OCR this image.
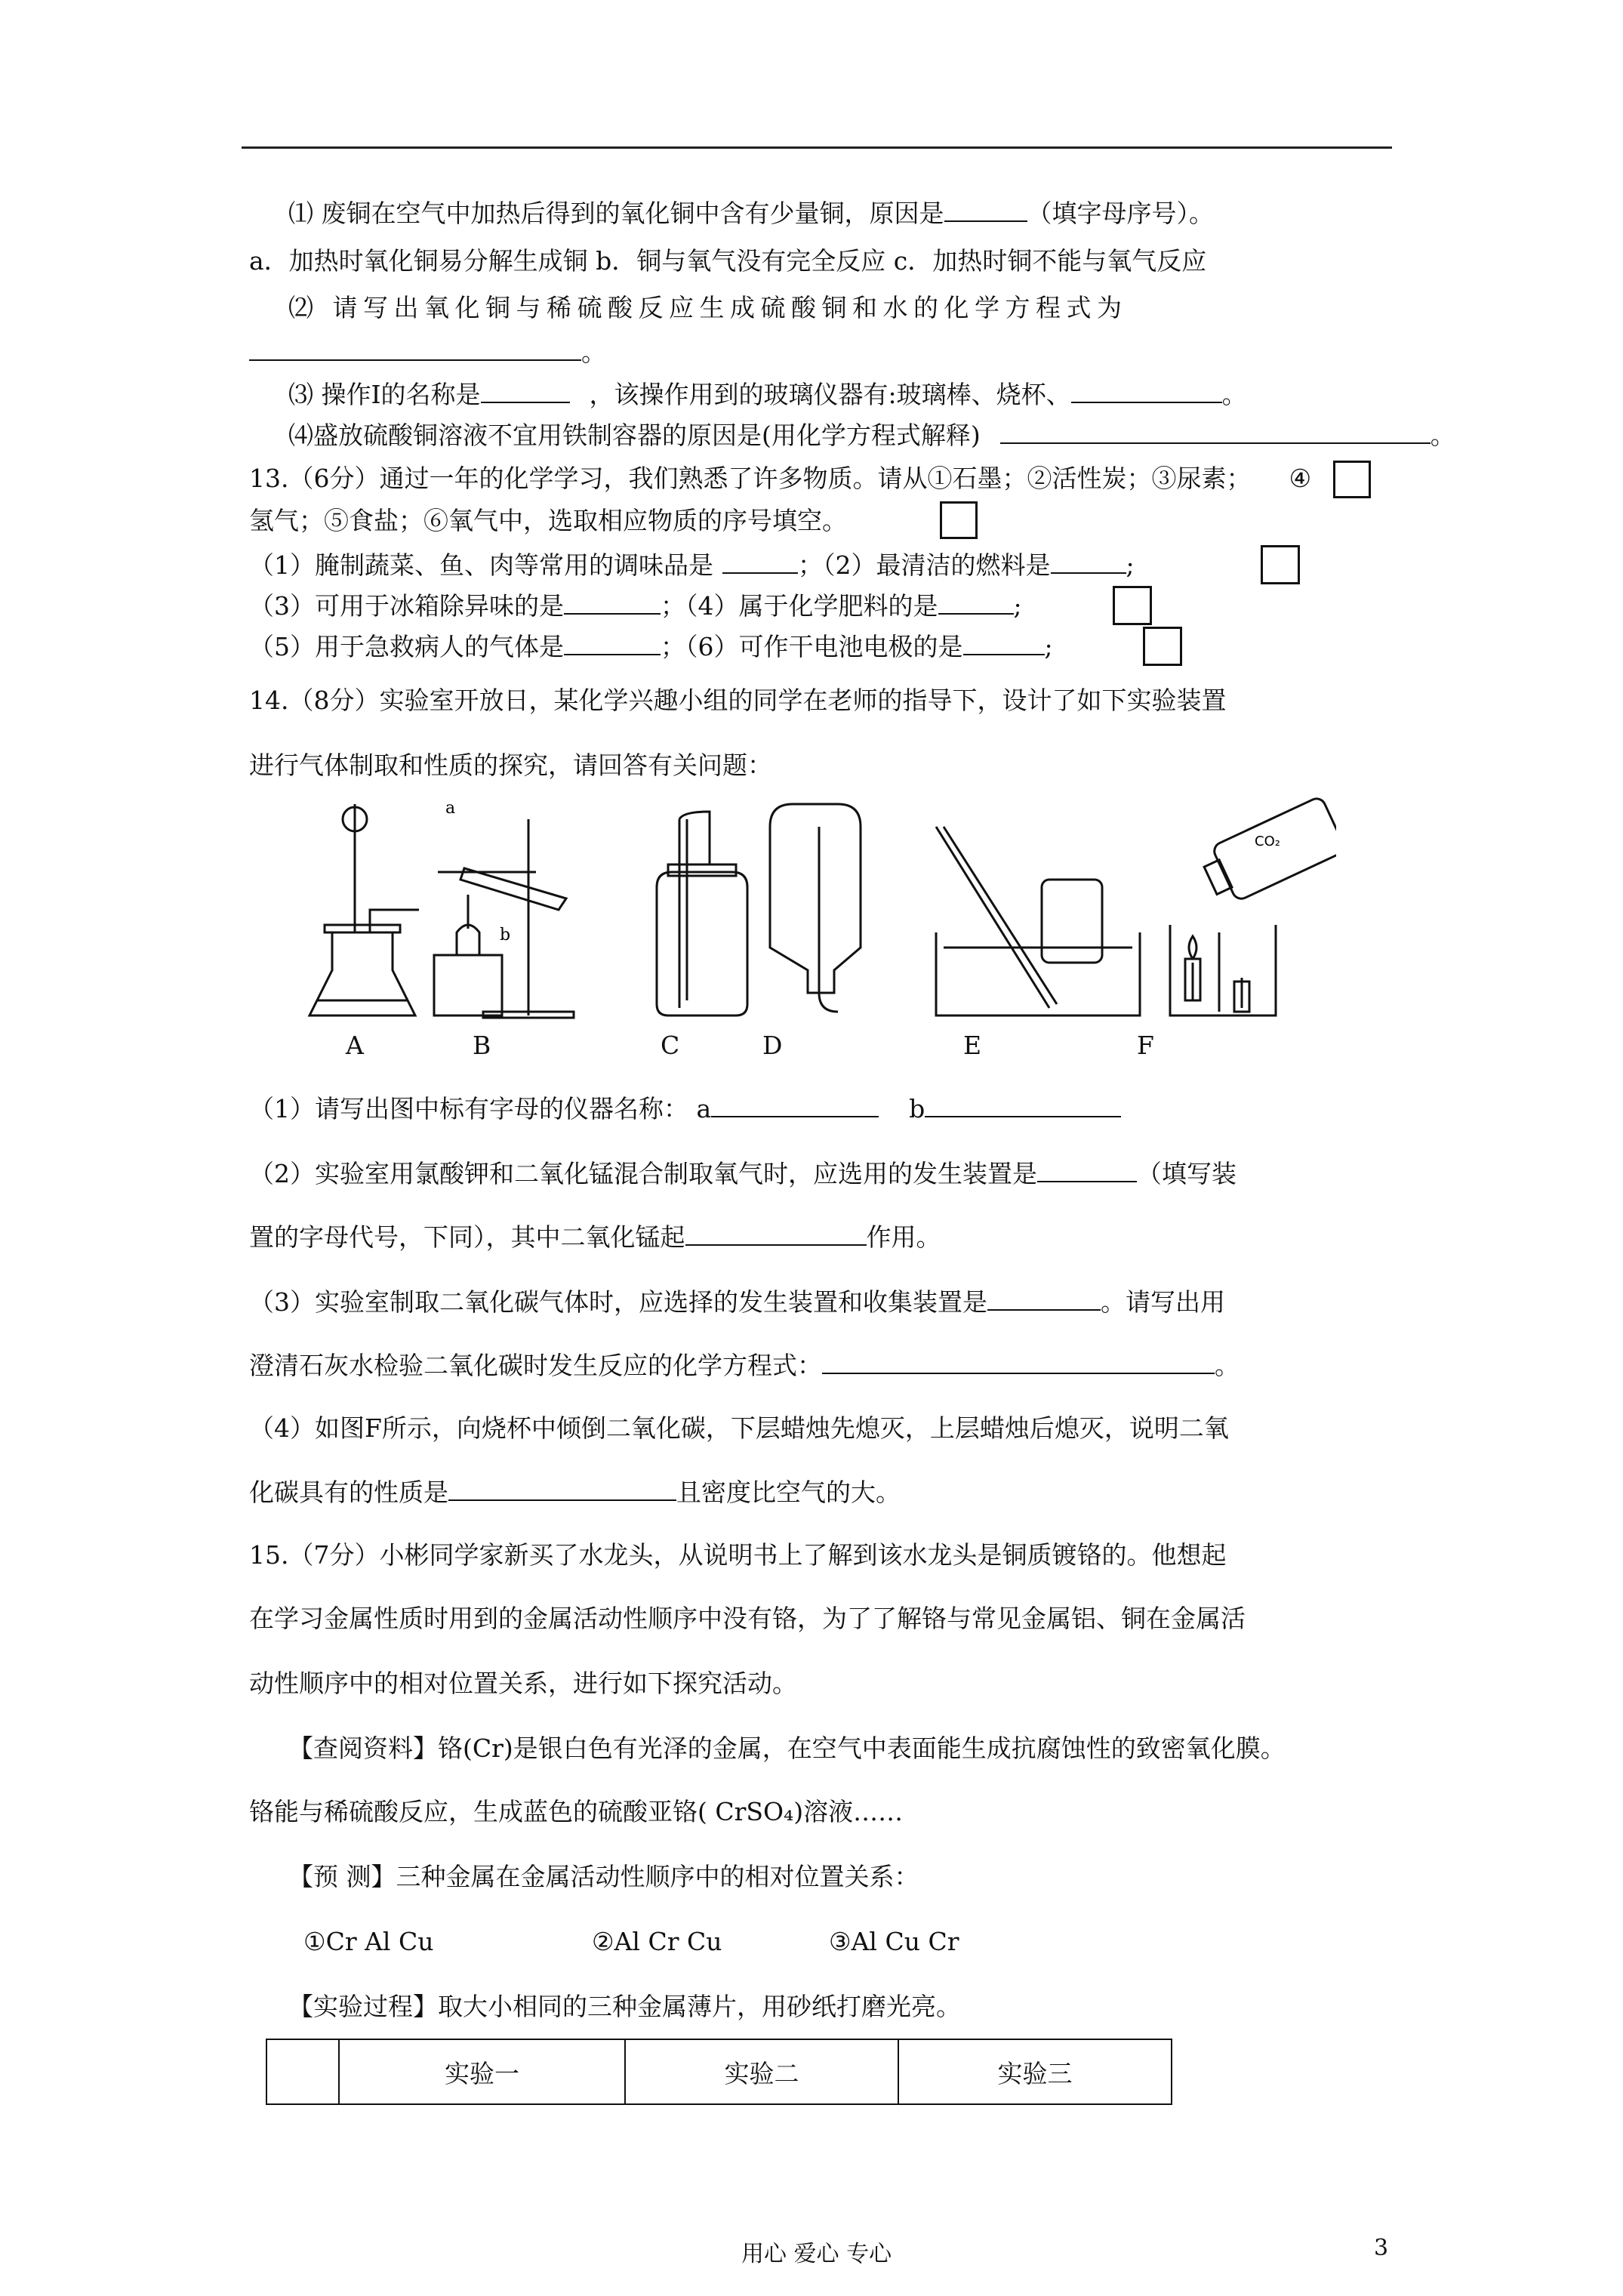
⑴ 废铜在空气中加热后得到的氧化铜中含有少量铜，原因是	（填字母序号）。
a．加热时氧化铜易分解生成铜 b．铜与氧气没有完全反应 c．加热时铜不能与氧气反应
⑵ 请写出氧化铜与稀硫酸反应生成硫酸铜和水的化学方程式为
。
⑶ 操作Ⅰ的名称是	，该操作用到的玻璃仪器有:玻璃棒、烧杯、	。
⑷盛放硫酸铜溶液不宜用铁制容器的原因是(用化学方程式解释)	。
13.（6分）通过一年的化学学习，我们熟悉了许多物质。请从①石墨；②活性炭；③尿素； ④
氢气；⑤食盐；⑥氧气中，选取相应物质的序号填空。
（1）腌制蔬菜、鱼、肉等常用的调味品是	；（2）最清洁的燃料是	;
（3）可用于冰箱除异味的是	；（4）属于化学肥料的是	;
（5）用于急救病人的气体是	；（6）可作干电池电极的是	;
14.（8分）实验室开放日，某化学兴趣小组的同学在老师的指导下，设计了如下实验装置
进行气体制取和性质的探究，请回答有关问题：
a
b
CO₂
A	B	C	D	E	F
（1）请写出图中标有字母的仪器名称： a	b
（2）实验室用氯酸钾和二氧化锰混合制取氧气时，应选用的发生装置是	（填写装
置的字母代号，下同），其中二氧化锰起	作用。
（3）实验室制取二氧化碳气体时，应选择的发生装置和收集装置是	。请写出用
澄清石灰水检验二氧化碳时发生反应的化学方程式：	。
（4）如图F所示，向烧杯中倾倒二氧化碳，下层蜡烛先熄灭，上层蜡烛后熄灭，说明二氧
化碳具有的性质是	且密度比空气的大。
15.（7分）小彬同学家新买了水龙头，从说明书上了解到该水龙头是铜质镀铬的。他想起
在学习金属性质时用到的金属活动性顺序中没有铬，为了了解铬与常见金属铝、铜在金属活
动性顺序中的相对位置关系，进行如下探究活动。
【查阅资料】铬(Cr)是银白色有光泽的金属，在空气中表面能生成抗腐蚀性的致密氧化膜。
铬能与稀硫酸反应，生成蓝色的硫酸亚铬( CrSO₄)溶液……
【预 测】三种金属在金属活动性顺序中的相对位置关系：
①Cr Al Cu	②Al Cr Cu	③Al Cu Cr
【实验过程】取大小相同的三种金属薄片，用砂纸打磨光亮。
	实验一	实验二	实验三
用心 爱心 专心	3
